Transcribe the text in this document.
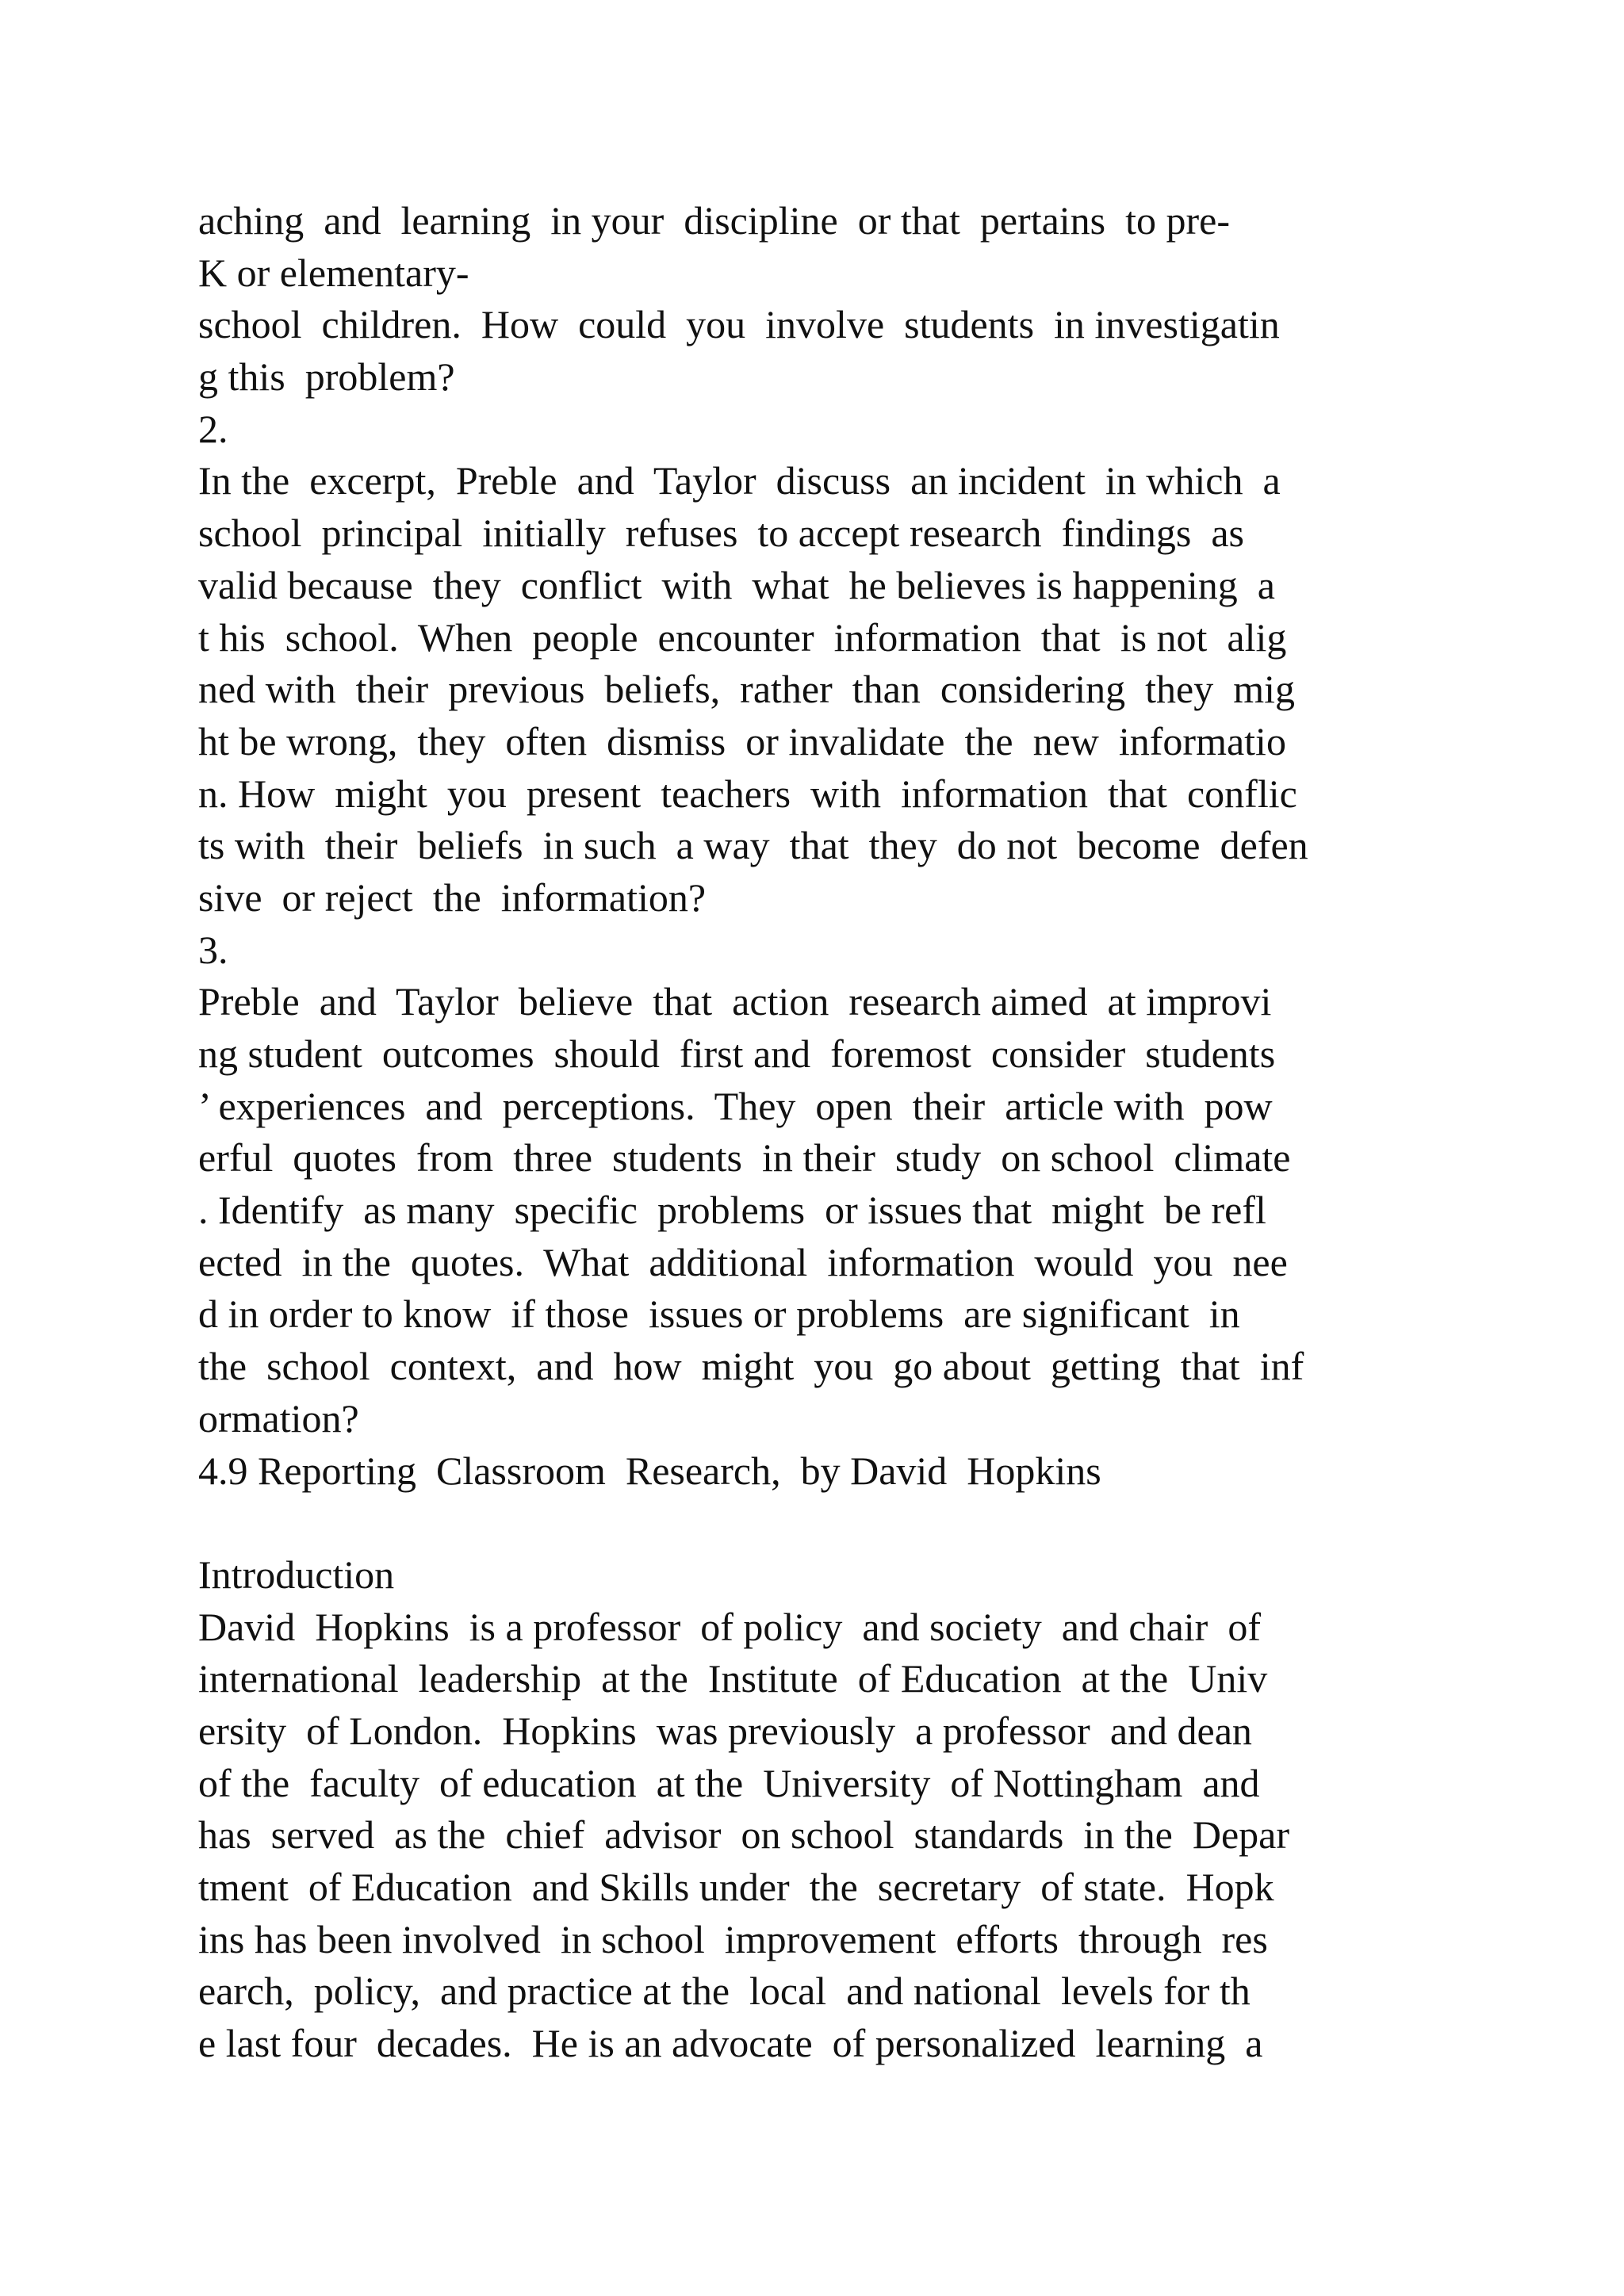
aching  and  learning  in your  discipline  or that  pertains  to pre-
K or elementary-
school  children.  How  could  you  involve  students  in investigatin
g this  problem?
2.
In the  excerpt,  Preble  and  Taylor  discuss  an incident  in which  a
school  principal  initially  refuses  to accept research  findings  as
valid because  they  conflict  with  what  he believes is happening  a
t his  school.  When  people  encounter  information  that  is not  alig
ned with  their  previous  beliefs,  rather  than  considering  they  mig
ht be wrong,  they  often  dismiss  or invalidate  the  new  informatio
n. How  might  you  present  teachers  with  information  that  conflic
ts with  their  beliefs  in such  a way  that  they  do not  become  defen
sive  or reject  the  information?
3.
Preble  and  Taylor  believe  that  action  research aimed  at improvi
ng student  outcomes  should  first and  foremost  consider  students
’ experiences  and  perceptions.  They  open  their  article with  pow
erful  quotes  from  three  students  in their  study  on school  climate
. Identify  as many  specific  problems  or issues that  might  be refl
ected  in the  quotes.  What  additional  information  would  you  nee
d in order to know  if those  issues or problems  are significant  in
the  school  context,  and  how  might  you  go about  getting  that  inf
ormation?
4.9 Reporting  Classroom  Research,  by David  Hopkins
Introduction
David  Hopkins  is a professor  of policy  and society  and chair  of
international  leadership  at the  Institute  of Education  at the  Univ
ersity  of London.  Hopkins  was previously  a professor  and dean
of the  faculty  of education  at the  University  of Nottingham  and
has  served  as the  chief  advisor  on school  standards  in the  Depar
tment  of Education  and Skills under  the  secretary  of state.  Hopk
ins has been involved  in school  improvement  efforts  through  res
earch,  policy,  and practice at the  local  and national  levels for th
e last four  decades.  He is an advocate  of personalized  learning  a
